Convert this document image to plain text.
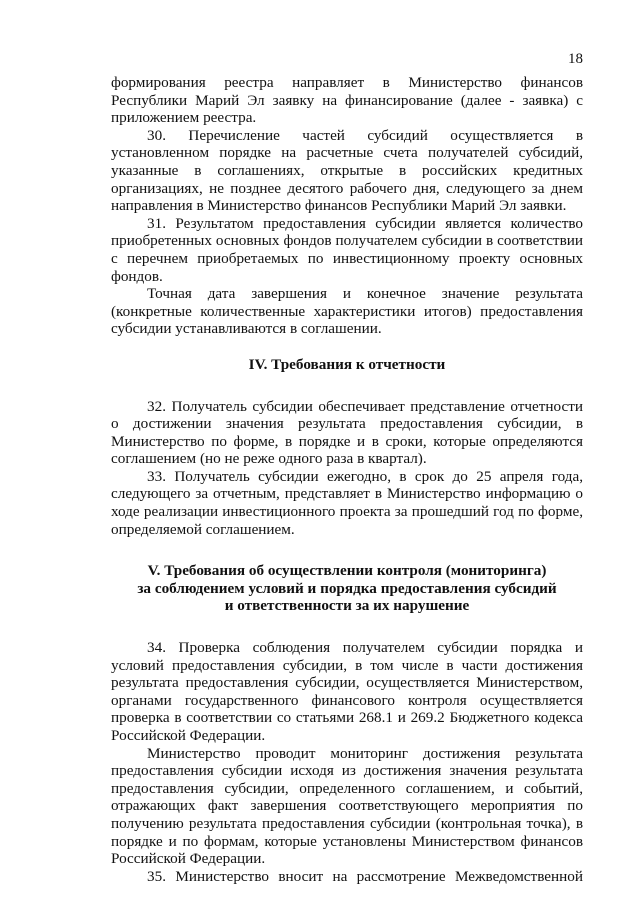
18

формирования реестра направляет в Министерство финансов Республики Марий Эл заявку на финансирование (далее - заявка) с приложением реестра.

30. Перечисление частей субсидий осуществляется в установленном порядке на расчетные счета получателей субсидий, указанные в соглашениях, открытые в российских кредитных организациях, не позднее десятого рабочего дня, следующего за днем направления в Министерство финансов Республики Марий Эл заявки.

31. Результатом предоставления субсидии является количество приобретенных основных фондов получателем субсидии в соответствии с перечнем приобретаемых по инвестиционному проекту основных фондов.

Точная дата завершения и конечное значение результата (конкретные количественные характеристики итогов) предоставления субсидии устанавливаются в соглашении.

IV. Требования к отчетности

32. Получатель субсидии обеспечивает представление отчетности о достижении значения результата предоставления субсидии, в Министерство по форме, в порядке и в сроки, которые определяются соглашением (но не реже одного раза в квартал).

33. Получатель субсидии ежегодно, в срок до 25 апреля года, следующего за отчетным, представляет в Министерство информацию о ходе реализации инвестиционного проекта за прошедший год по форме, определяемой соглашением.

V. Требования об осуществлении контроля (мониторинга)
за соблюдением условий и порядка предоставления субсидий
и ответственности за их нарушение

34. Проверка соблюдения получателем субсидии порядка и условий предоставления субсидии, в том числе в части достижения результата предоставления субсидии, осуществляется Министерством, органами государственного финансового контроля осуществляется проверка в соответствии со статьями 268.1 и 269.2 Бюджетного кодекса Российской Федерации.

Министерство проводит мониторинг достижения результата предоставления субсидии исходя из достижения значения результата предоставления субсидии, определенного соглашением, и событий, отражающих факт завершения соответствующего мероприятия по получению результата предоставления субсидии (контрольная точка), в порядке и по формам, которые установлены Министерством финансов Российской Федерации.

35. Министерство вносит на рассмотрение Межведомственной
